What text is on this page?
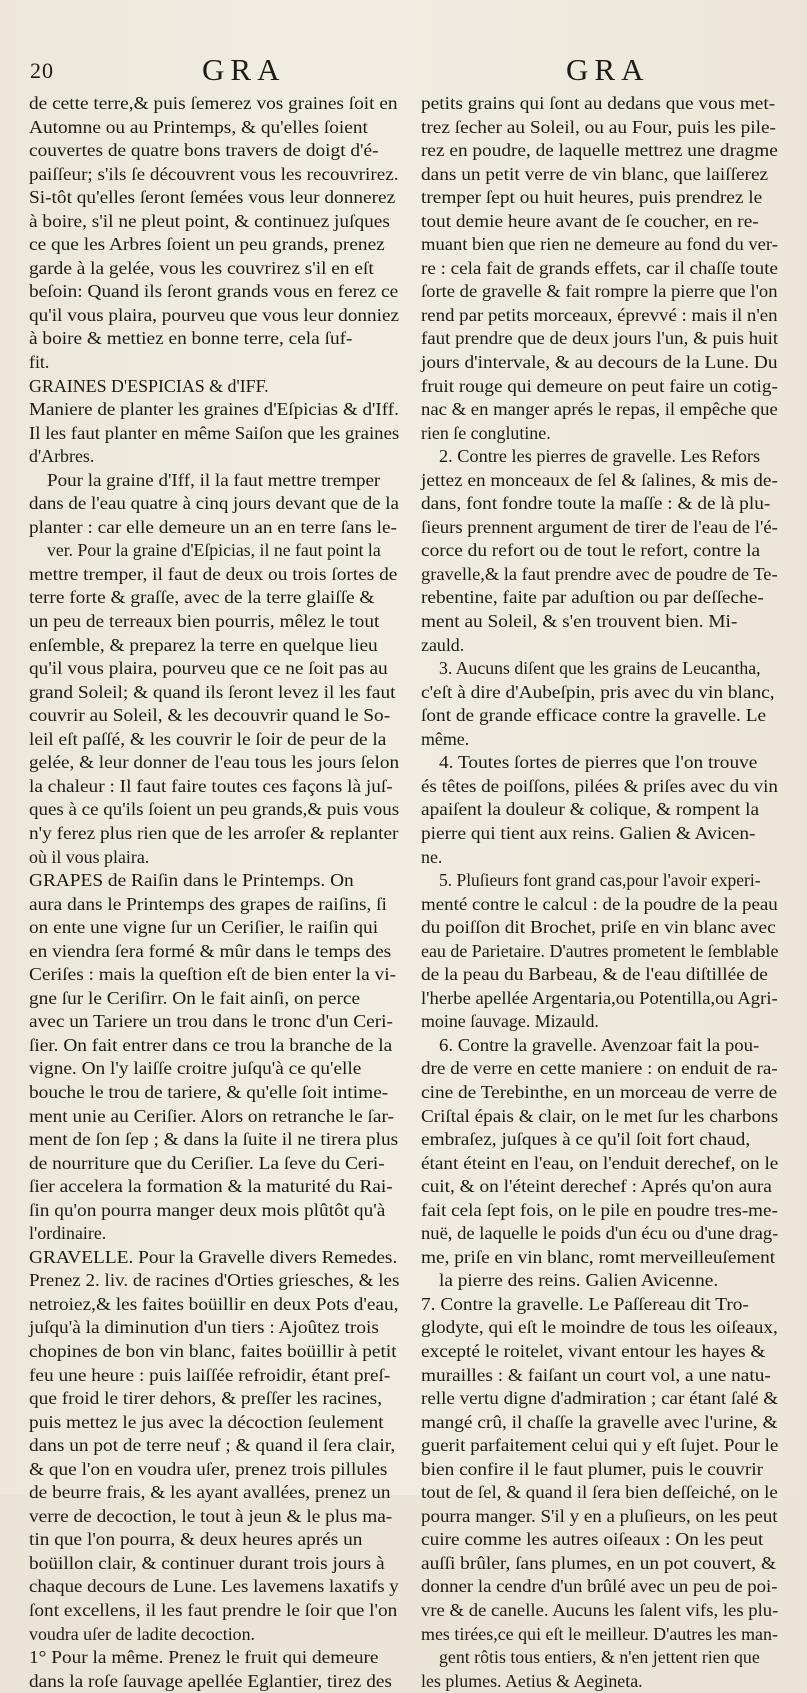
20	GRA	GRA

de cette terre,& puis ſemerez vos graines ſoit en

Automne ou au Printemps, & qu'elles ſoient

couvertes de quatre bons travers de doigt d'é-

paiſſeur; s'ils ſe découvrent vous les recouvrirez.

Si-tôt qu'elles ſeront ſemées vous leur donnerez

à boire, s'il ne pleut point, & continuez juſques

ce que les Arbres ſoient un peu grands, prenez

garde à la gelée, vous les couvrirez s'il en eſt

beſoin: Quand ils ſeront grands vous en ferez ce

qu'il vous plaira, pourveu que vous leur donniez

à boire & mettiez en bonne terre, cela ſuf-

fit.

GRAINES D'ESPICIAS & d'IFF.

Maniere de planter les graines d'Eſpicias & d'Iff.

Il les faut planter en même Saiſon que les graines

d'Arbres.

Pour la graine d'Iff, il la faut mettre tremper

dans de l'eau quatre à cinq jours devant que de la

planter : car elle demeure un an en terre ſans le-

ver. Pour la graine d'Eſpicias, il ne faut point la

mettre tremper, il faut de deux ou trois ſortes de

terre forte & graſſe, avec de la terre glaiſſe &

un peu de terreaux bien pourris, mêlez le tout

enſemble, & preparez la terre en quelque lieu

qu'il vous plaira, pourveu que ce ne ſoit pas au

grand Soleil; & quand ils ſeront levez il les faut

couvrir au Soleil, & les decouvrir quand le So-

leil eſt paſſé, & les couvrir le ſoir de peur de la

gelée, & leur donner de l'eau tous les jours ſelon

la chaleur : Il faut faire toutes ces façons là juſ-

ques à ce qu'ils ſoient un peu grands,& puis vous

n'y ferez plus rien que de les arroſer & replanter

où il vous plaira.

GRAPES de Raiſin dans le Printemps. On

aura dans le Printemps des grapes de raiſins, ſi

on ente une vigne ſur un Ceriſier, le raiſin qui

en viendra ſera formé & mûr dans le temps des

Ceriſes : mais la queſtion eſt de bien enter la vi-

gne ſur le Ceriſirr. On le fait ainſi, on perce

avec un Tariere un trou dans le tronc d'un Ceri-

ſier. On fait entrer dans ce trou la branche de la

vigne. On l'y laiſſe croitre juſqu'à ce qu'elle

bouche le trou de tariere, & qu'elle ſoit intime-

ment unie au Ceriſier. Alors on retranche le ſar-

ment de ſon ſep ; & dans la ſuite il ne tirera plus

de nourriture que du Ceriſier. La ſeve du Ceri-

ſier accelera la formation & la maturité du Rai-

ſin qu'on pourra manger deux mois plûtôt qu'à

l'ordinaire.

GRAVELLE. Pour la Gravelle divers Remedes.

Prenez 2. liv. de racines d'Orties griesches, & les

netroiez,& les faites boüillir en deux Pots d'eau,

juſqu'à la diminution d'un tiers : Ajoûtez trois

chopines de bon vin blanc, faites boüillir à petit

feu une heure : puis laiſſée refroidir, étant preſ-

que froid le tirer dehors, & preſſer les racines,

puis mettez le jus avec la décoction ſeulement

dans un pot de terre neuf ; & quand il ſera clair,

& que l'on en voudra uſer, prenez trois pillules

de beurre frais, & les ayant avallées, prenez un

verre de decoction, le tout à jeun & le plus ma-

tin que l'on pourra, & deux heures aprés un

boüillon clair, & continuer durant trois jours à

chaque decours de Lune. Les lavemens laxatifs y

ſont excellens, il les faut prendre le ſoir que l'on

voudra uſer de ladite decoction.

1° Pour la même. Prenez le fruit qui demeure

dans la roſe ſauvage apellée Eglantier, tirez des

petits grains qui ſont au dedans que vous met-

trez ſecher au Soleil, ou au Four, puis les pile-

rez en poudre, de laquelle mettrez une dragme

dans un petit verre de vin blanc, que laiſſerez

tremper ſept ou huit heures, puis prendrez le

tout demie heure avant de ſe coucher, en re-

muant bien que rien ne demeure au fond du ver-

re : cela fait de grands effets, car il chaſſe toute

ſorte de gravelle & fait rompre la pierre que l'on

rend par petits morceaux, éprevvé : mais il n'en

faut prendre que de deux jours l'un, & puis huit

jours d'intervale, & au decours de la Lune. Du

fruit rouge qui demeure on peut faire un cotig-

nac & en manger aprés le repas, il empêche que

rien ſe conglutine.

2. Contre les pierres de gravelle. Les Refors

jettez en monceaux de ſel & ſalines, & mis de-

dans, font fondre toute la maſſe : & de là plu-

ſieurs prennent argument de tirer de l'eau de l'é-

corce du refort ou de tout le refort, contre la

gravelle,& la faut prendre avec de poudre de Te-

rebentine, faite par aduſtion ou par deſſeche-

ment au Soleil, & s'en trouvent bien. Mi-

zauld.

3. Aucuns diſent que les grains de Leucantha,

c'eſt à dire d'Aubeſpin, pris avec du vin blanc,

ſont de grande efficace contre la gravelle. Le

même.

4. Toutes ſortes de pierres que l'on trouve

és têtes de poiſſons, pilées & priſes avec du vin

apaiſent la douleur & colique, & rompent la

pierre qui tient aux reins. Galien & Avicen-

ne.

5. Pluſieurs font grand cas,pour l'avoir experi-

menté contre le calcul : de la poudre de la peau

du poiſſon dit Brochet, priſe en vin blanc avec

eau de Parietaire. D'autres prometent le ſemblable

de la peau du Barbeau, & de l'eau diſtillée de

l'herbe apellée Argentaria,ou Potentilla,ou Agri-

moine ſauvage. Mizauld.

6. Contre la gravelle. Avenzoar fait la pou-

dre de verre en cette maniere : on enduit de ra-

cine de Terebinthe, en un morceau de verre de

Criſtal épais & clair, on le met ſur les charbons

embraſez, juſques à ce qu'il ſoit fort chaud,

étant éteint en l'eau, on l'enduit derechef, on le

cuit, & on l'éteint derechef : Aprés qu'on aura

fait cela ſept fois, on le pile en poudre tres-me-

nuë, de laquelle le poids d'un écu ou d'une drag-

me, priſe en vin blanc, romt merveilleuſement

la pierre des reins. Galien Avicenne.

7. Contre la gravelle. Le Paſſereau dit Tro-

glodyte, qui eſt le moindre de tous les oiſeaux,

excepté le roitelet, vivant entour les hayes &

murailles : & faiſant un court vol, a une natu-

relle vertu digne d'admiration ; car étant ſalé &

mangé crû, il chaſſe la gravelle avec l'urine, &

guerit parfaitement celui qui y eſt ſujet. Pour le

bien confire il le faut plumer, puis le couvrir

tout de ſel, & quand il ſera bien deſſeiché, on le

pourra manger. S'il y en a pluſieurs, on les peut

cuire comme les autres oiſeaux : On les peut

auſſi brûler, ſans plumes, en un pot couvert, &

donner la cendre d'un brûlé avec un peu de poi-

vre & de canelle. Aucuns les ſalent vifs, les plu-

mes tirées,ce qui eſt le meilleur. D'autres les man-

gent rôtis tous entiers, & n'en jettent rien que

les plumes. Aetius & Aegineta.
